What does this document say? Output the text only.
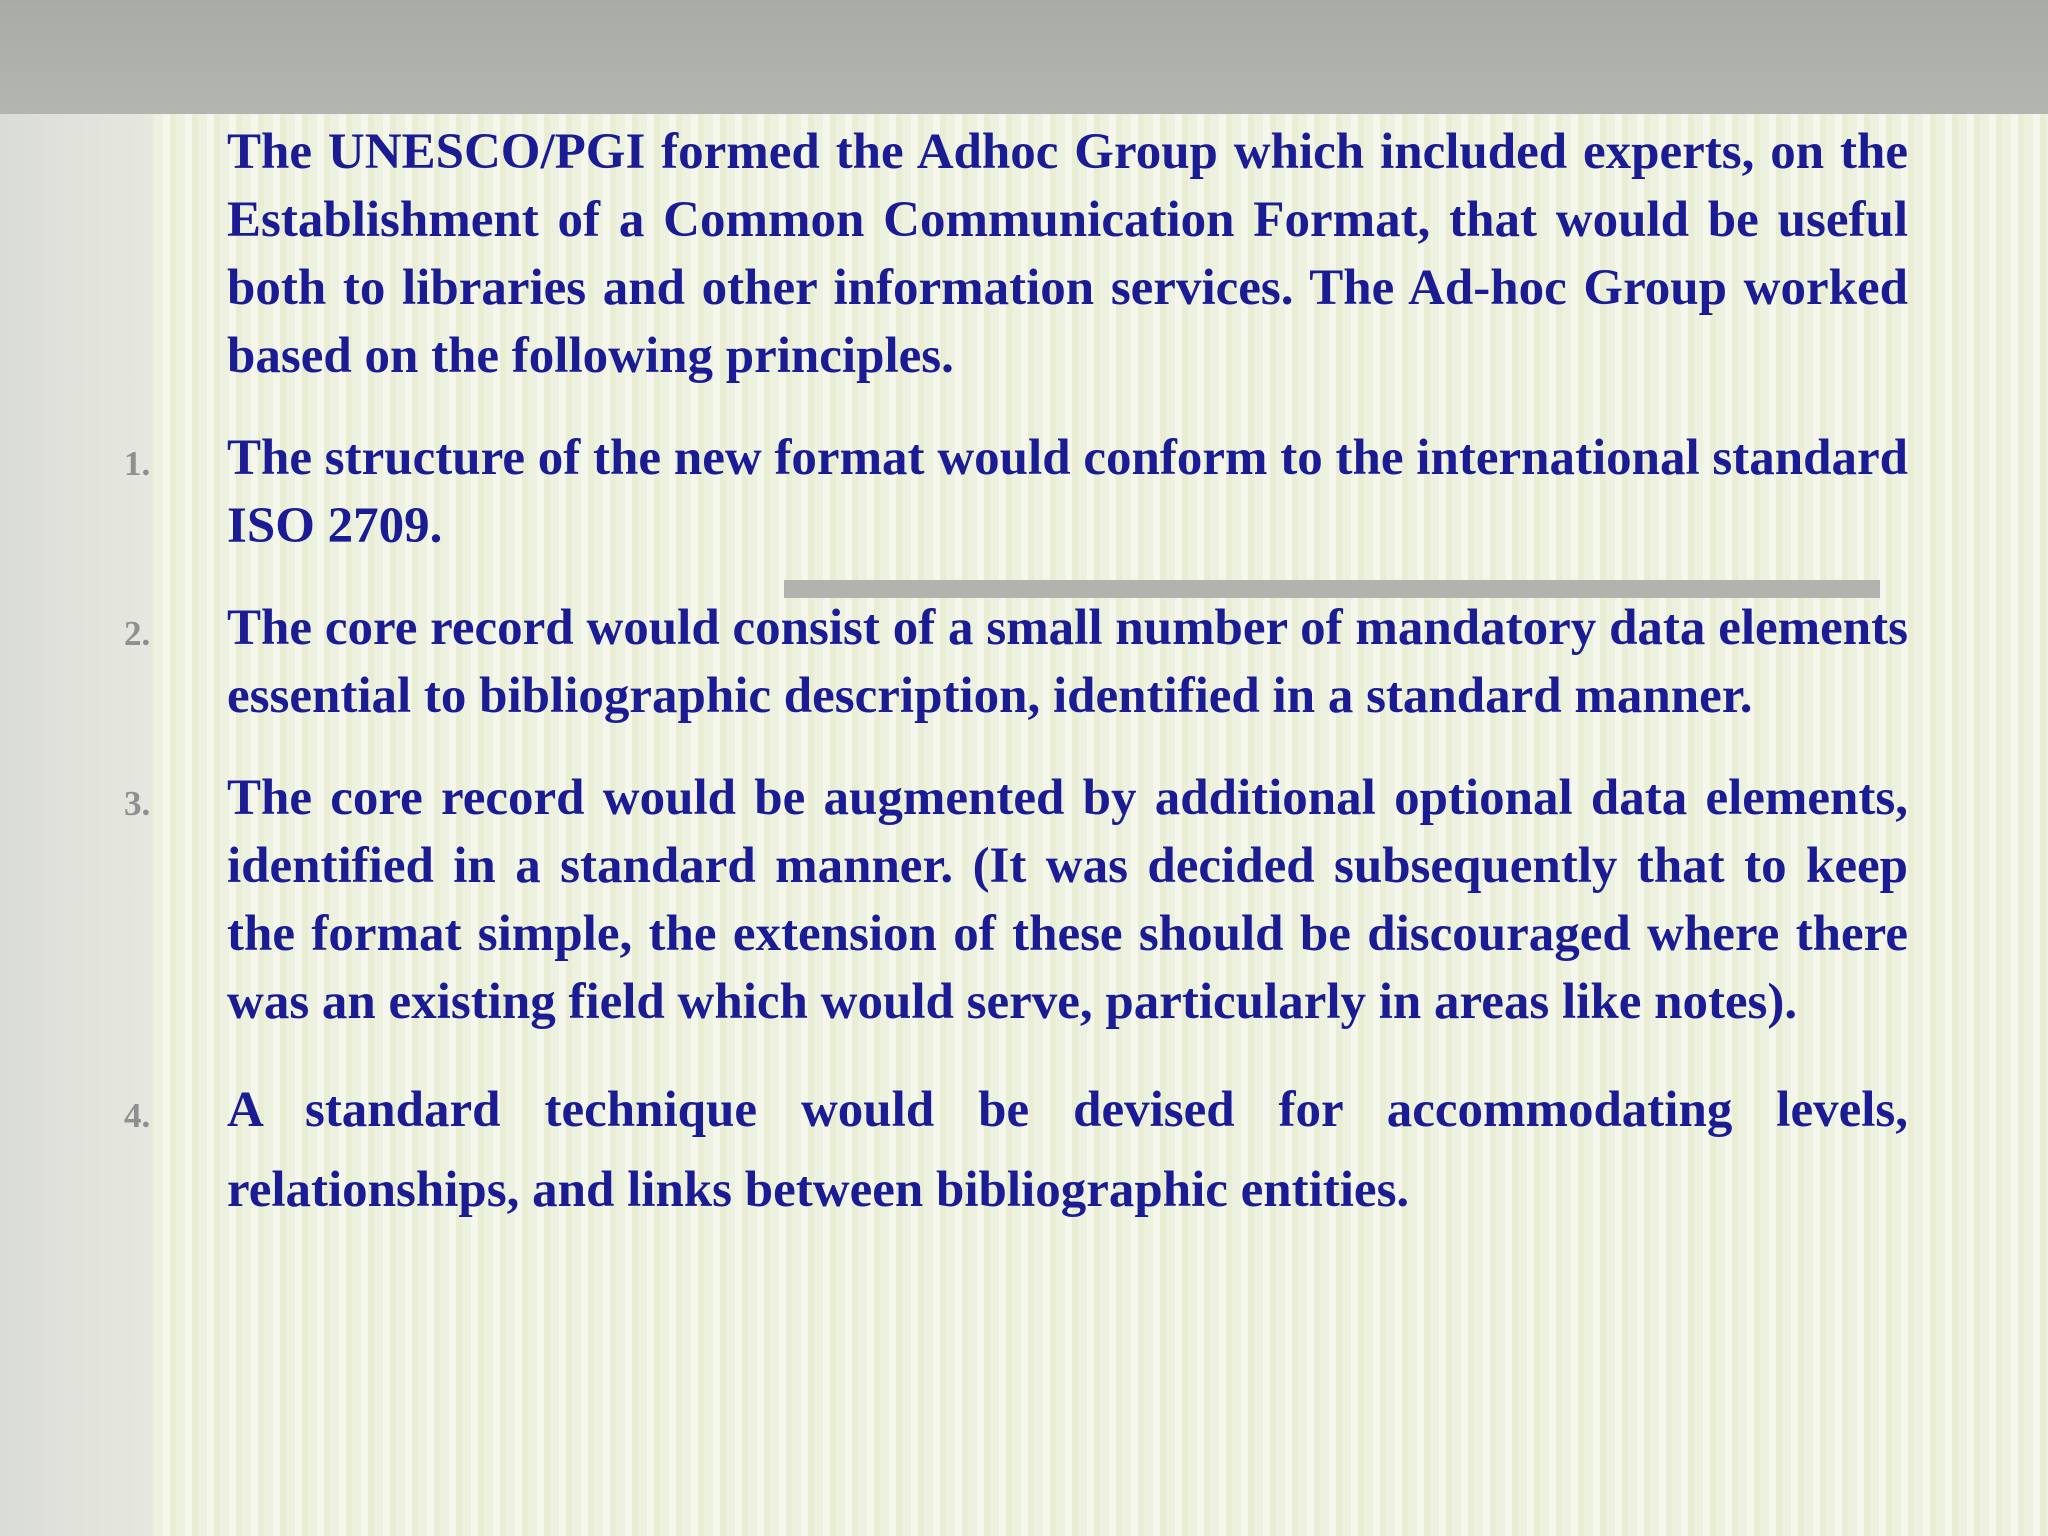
The UNESCO/PGI formed the Adhoc Group which included experts, on the Establishment of a Common Communication Format, that would be useful both to libraries and other information services. The Ad-hoc Group worked based on the following principles.

1. The structure of the new format would conform to the international standard ISO 2709.

2. The core record would consist of a small number of mandatory data elements essential to bibliographic description, identified in a standard manner.

3. The core record would be augmented by additional optional data elements, identified in a standard manner. (It was decided subsequently that to keep the format simple, the extension of these should be discouraged where there was an existing field which would serve, particularly in areas like notes).

4. A standard technique would be devised for accommodating levels, relationships, and links between bibliographic entities.
